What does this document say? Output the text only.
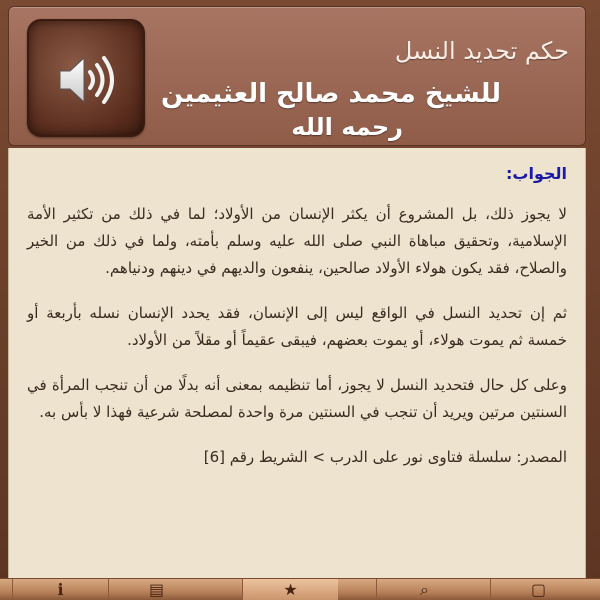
حكم تحديد النسل
للشيخ محمد صالح العثيمين
رحمه الله
الجواب:

لا يجوز ذلك، بل المشروع أن يكثر الإنسان من الأولاد؛ لما في ذلك من تكثير الأمة الإسلامية، وتحقيق مباهاة النبي صلى الله عليه وسلم بأمته، ولما في ذلك من الخير والصلاح، فقد يكون هولاء الأولاد صالحين، ينفعون والديهم في دينهم ودنياهم.

ثم إن تحديد النسل في الواقع ليس إلى الإنسان، فقد يحدد الإنسان نسله بأربعة أو خمسة ثم يموت هولاء، أو يموت بعضهم، فيبقى عقيماً أو مقلاً من الأولاد.

وعلى كل حال فتحديد النسل لا يجوز، أما تنظيمه بمعنى أنه بدلًا من أن تنجب المرأة في السنتين مرتين ويريد أن تنجب في السنتين مرة واحدة لمصلحة شرعية فهذا لا بأس به.

المصدر: سلسلة فتاوى نور على الدرب > الشريط رقم [6]

ℹ	▤	★	⌕	▢
